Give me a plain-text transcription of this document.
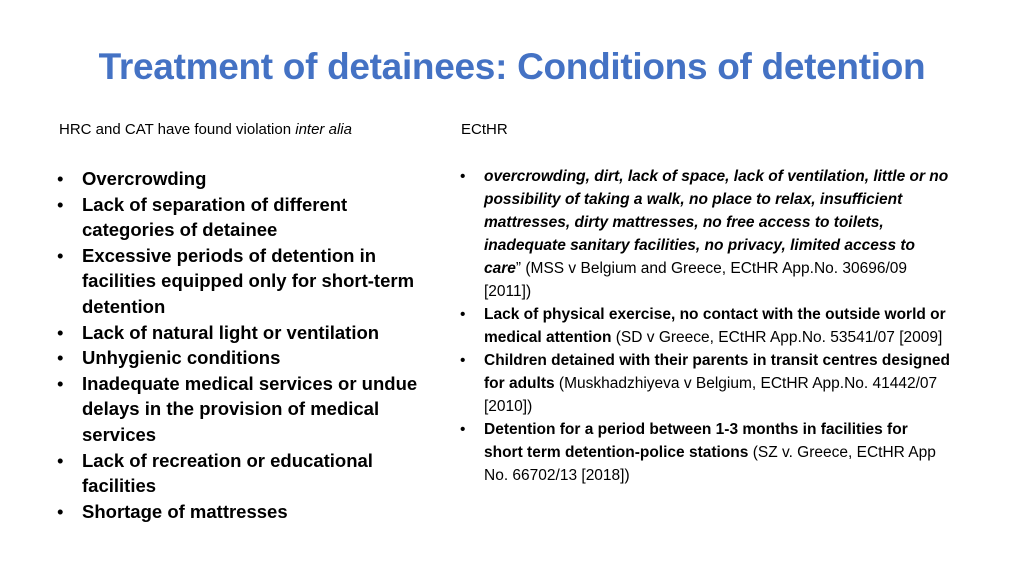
Treatment of detainees: Conditions of detention
HRC and CAT have found violation inter alia	ECtHR
• Overcrowding
• Lack of separation of different categories of detainee
• Excessive periods of detention in facilities equipped only for short-term detention
• Lack of natural light or ventilation
• Unhygienic conditions
• Inadequate medical services or undue delays in the provision of medical services
• Lack of recreation or educational facilities
• Shortage of mattresses
• overcrowding, dirt, lack of space, lack of ventilation, little or no possibility of taking a walk, no place to relax, insufficient mattresses, dirty mattresses, no free access to toilets, inadequate sanitary facilities, no privacy, limited access to care” (MSS v Belgium and Greece, ECtHR App.No. 30696/09 [2011])
• Lack of physical exercise, no contact with the outside world or medical attention (SD v Greece, ECtHR App.No. 53541/07 [2009]
• Children detained with their parents in transit centres designed for adults (Muskhadzhiyeva v Belgium, ECtHR App.No. 41442/07 [2010])
• Detention for a period between 1-3 months in facilities for short term detention-police stations (SZ v. Greece, ECtHR App No. 66702/13 [2018])
